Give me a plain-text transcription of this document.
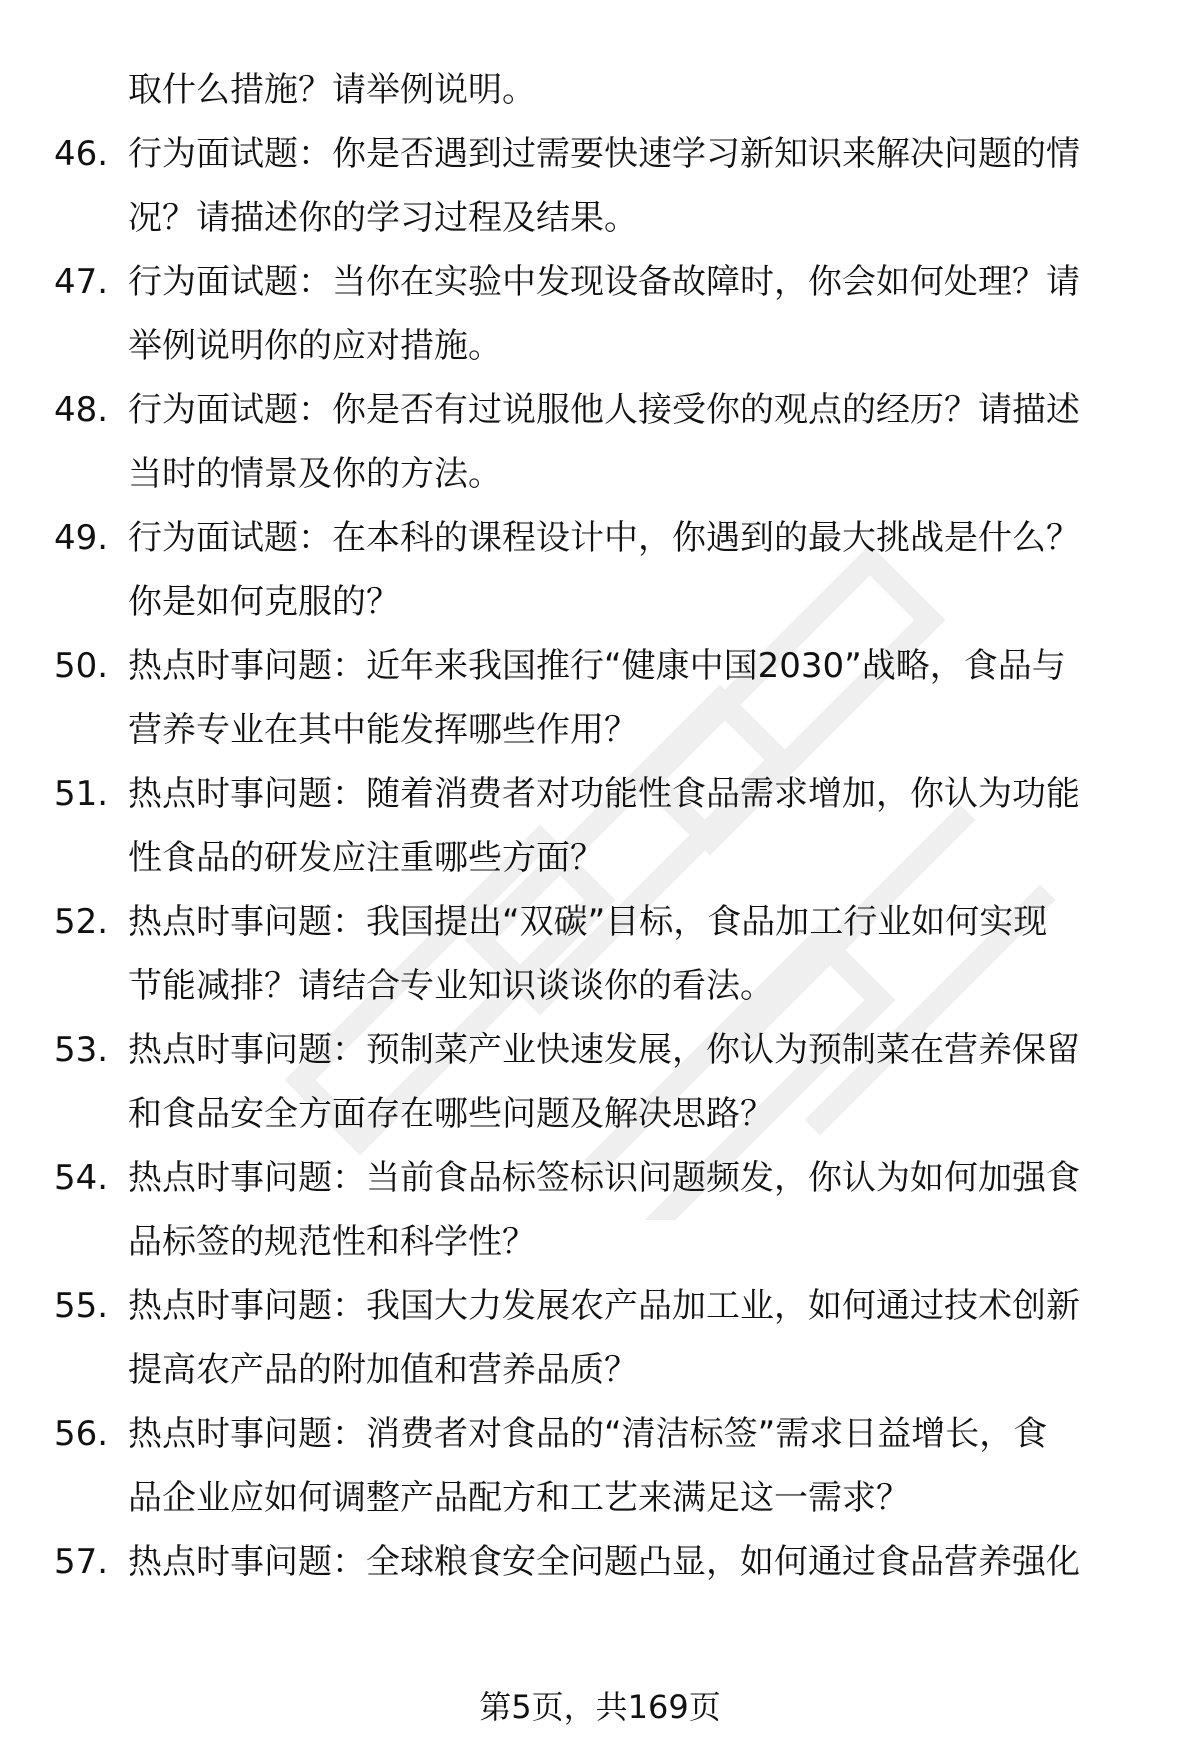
取什么措施？请举例说明。
46. 行为面试题：你是否遇到过需要快速学习新知识来解决问题的情
况？请描述你的学习过程及结果。
47. 行为面试题：当你在实验中发现设备故障时，你会如何处理？请
举例说明你的应对措施。
48. 行为面试题：你是否有过说服他人接受你的观点的经历？请描述
当时的情景及你的方法。
49. 行为面试题：在本科的课程设计中，你遇到的最大挑战是什么？
你是如何克服的？
50. 热点时事问题：近年来我国推行“健康中国2030”战略，食品与
营养专业在其中能发挥哪些作用？
51. 热点时事问题：随着消费者对功能性食品需求增加，你认为功能
性食品的研发应注重哪些方面？
52. 热点时事问题：我国提出“双碳”目标，食品加工行业如何实现
节能减排？请结合专业知识谈谈你的看法。
53. 热点时事问题：预制菜产业快速发展，你认为预制菜在营养保留
和食品安全方面存在哪些问题及解决思路？
54. 热点时事问题：当前食品标签标识问题频发，你认为如何加强食
品标签的规范性和科学性？
55. 热点时事问题：我国大力发展农产品加工业，如何通过技术创新
提高农产品的附加值和营养品质？
56. 热点时事问题：消费者对食品的“清洁标签”需求日益增长，食
品企业应如何调整产品配方和工艺来满足这一需求？
57. 热点时事问题：全球粮食安全问题凸显，如何通过食品营养强化
第5页，共169页
